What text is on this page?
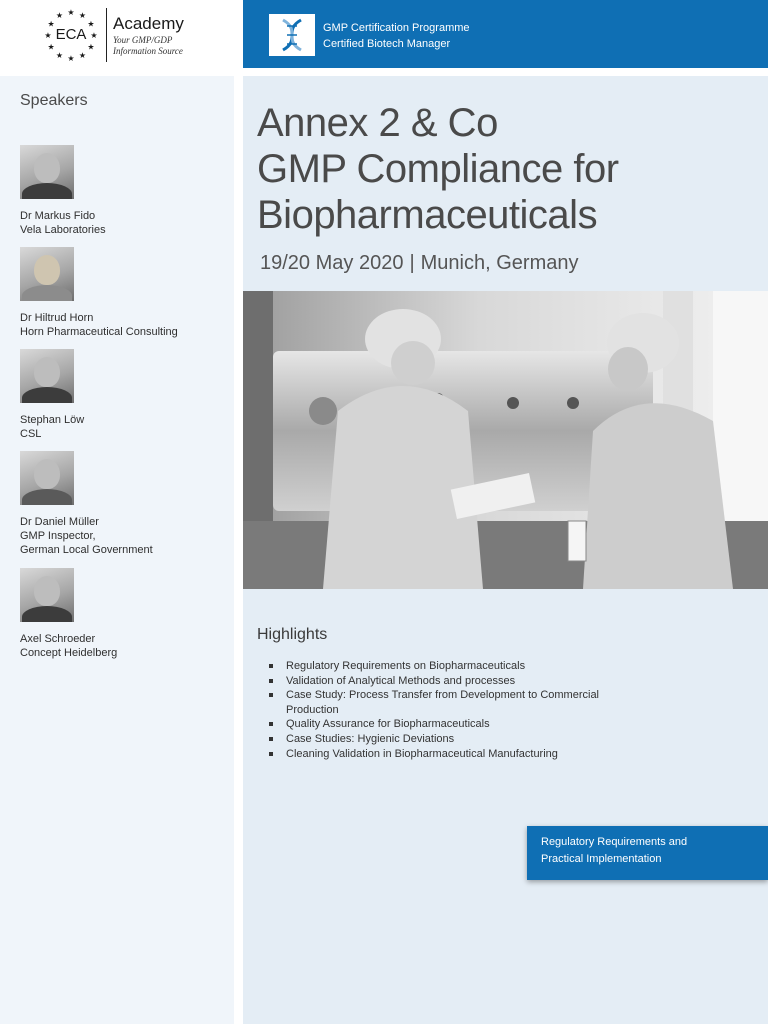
ECA
★ ★
★
★
★
★
★
★
★
★
★
★	Academy
Your GMP/GDP
Information Source
Speakers
Dr Markus Fido
Vela Laboratories
Dr Hiltrud Horn
Horn Pharmaceutical Consulting
Stephan Löw
CSL
Dr Daniel Müller
GMP Inspector,
German Local Government
Axel Schroeder
Concept Heidelberg
GMP Certification Programme
Certified Biotech Manager
Annex 2 & Co
GMP Compliance for
Biopharmaceuticals
19/20 May 2020 | Munich, Germany
Highlights
Regulatory Requirements on Biopharmaceuticals
Validation of Analytical Methods and processes
Case Study: Process Transfer from Development to Commercial Production
Quality Assurance for Biopharmaceuticals
Case Studies: Hygienic Deviations
Cleaning Validation in Biopharmaceutical Manufacturing
Regulatory Requirements and
Practical Implementation
